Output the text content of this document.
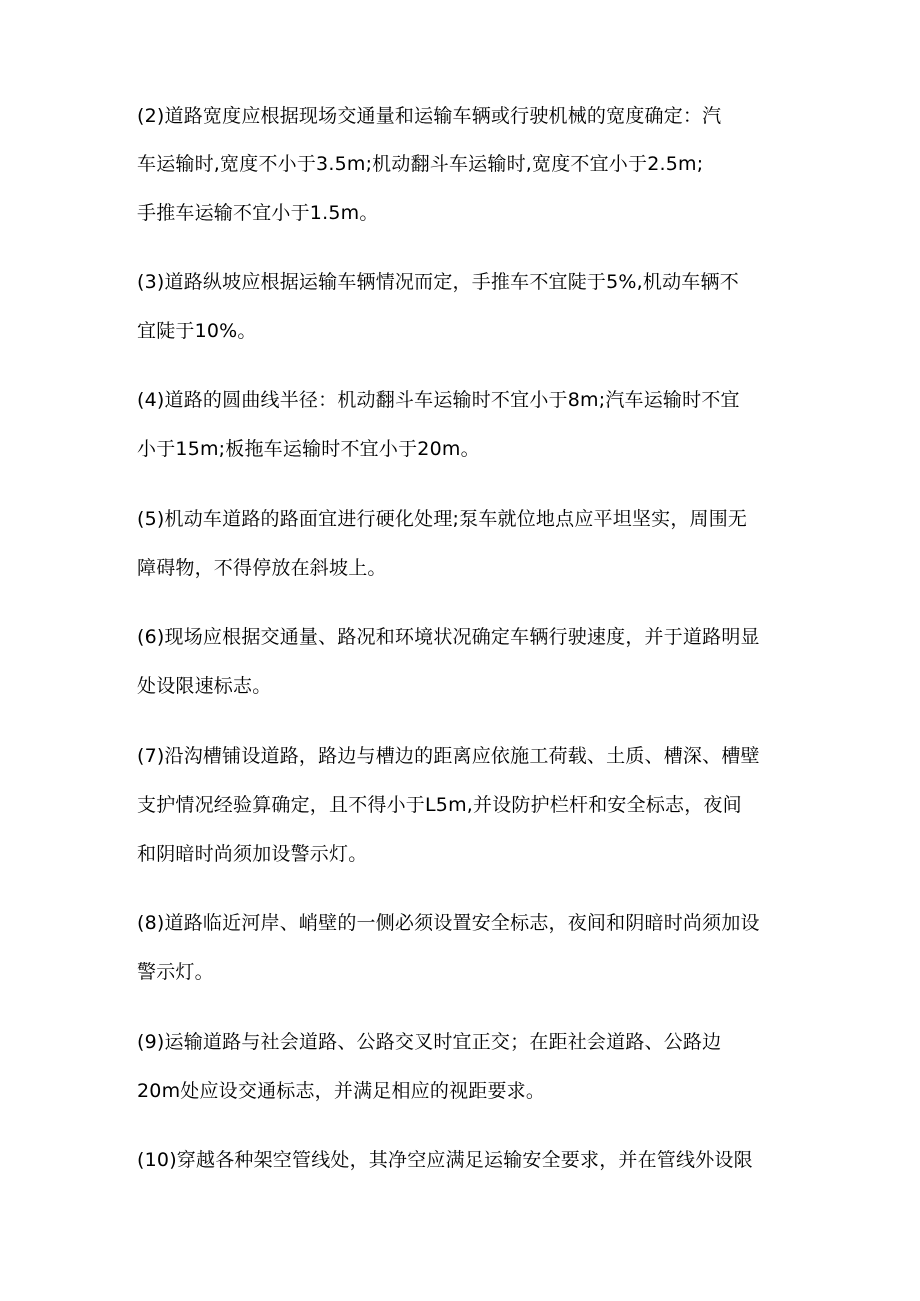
(2)道路宽度应根据现场交通量和运输车辆或行驶机械的宽度确定：汽
车运输时,宽度不小于3.5m;机动翻斗车运输时,宽度不宜小于2.5m;
手推车运输不宜小于1.5m。
(3)道路纵坡应根据运输车辆情况而定，手推车不宜陡于5%,机动车辆不
宜陡于10%。
(4)道路的圆曲线半径：机动翻斗车运输时不宜小于8m;汽车运输时不宜
小于15m;板拖车运输时不宜小于20m。
(5)机动车道路的路面宜进行硬化处理;泵车就位地点应平坦坚实，周围无
障碍物，不得停放在斜坡上。
(6)现场应根据交通量、路况和环境状况确定车辆行驶速度，并于道路明显
处设限速标志。
(7)沿沟槽铺设道路，路边与槽边的距离应依施工荷载、土质、槽深、槽壁
支护情况经验算确定，且不得小于L5m,并设防护栏杆和安全标志，夜间
和阴暗时尚须加设警示灯。
(8)道路临近河岸、峭壁的一侧必须设置安全标志，夜间和阴暗时尚须加设
警示灯。
(9)运输道路与社会道路、公路交叉时宜正交；在距社会道路、公路边
20m处应设交通标志，并满足相应的视距要求。
(10)穿越各种架空管线处，其净空应满足运输安全要求，并在管线外设限
